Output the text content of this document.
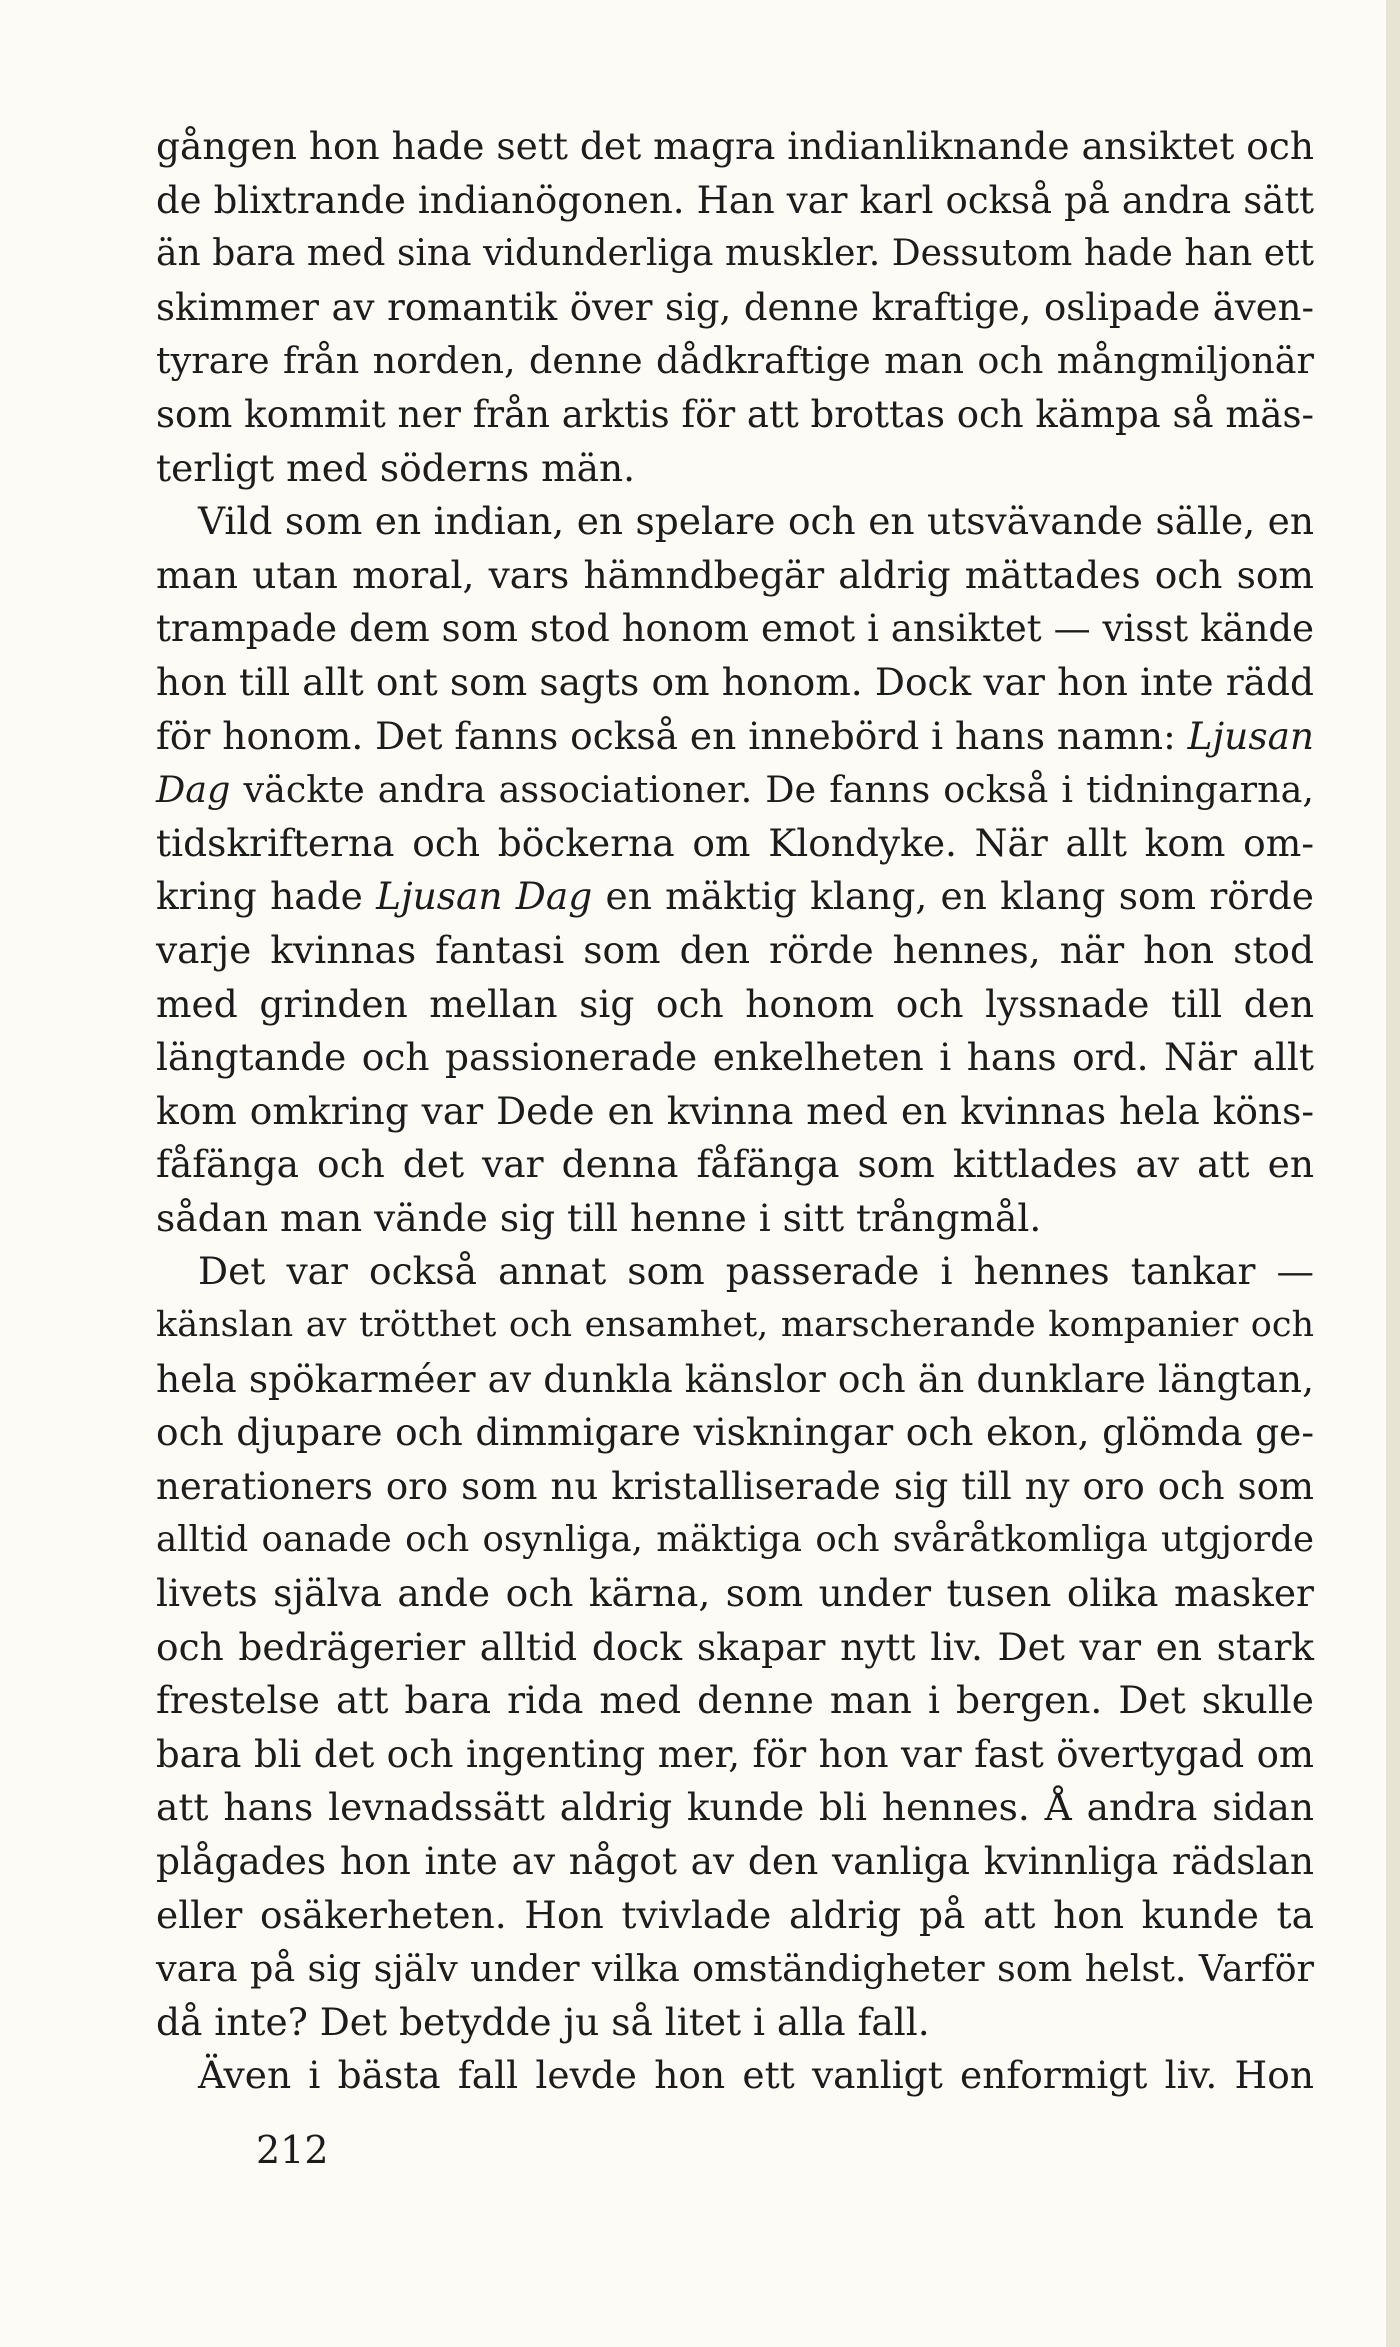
gången hon hade sett det magra indianliknande ansiktet och
de blixtrande indianögonen. Han var karl också på andra sätt
än bara med sina vidunderliga muskler. Dessutom hade han ett
skimmer av romantik över sig, denne kraftige, oslipade även-
tyrare från norden, denne dådkraftige man och mångmiljonär
som kommit ner från arktis för att brottas och kämpa så mäs-
terligt med söderns män.
Vild som en indian, en spelare och en utsvävande sälle, en
man utan moral, vars hämndbegär aldrig mättades och som
trampade dem som stod honom emot i ansiktet — visst kände
hon till allt ont som sagts om honom. Dock var hon inte rädd
för honom. Det fanns också en innebörd i hans namn: Ljusan
Dag väckte andra associationer. De fanns också i tidningarna,
tidskrifterna och böckerna om Klondyke. När allt kom om-
kring hade Ljusan Dag en mäktig klang, en klang som rörde
varje kvinnas fantasi som den rörde hennes, när hon stod
med grinden mellan sig och honom och lyssnade till den
längtande och passionerade enkelheten i hans ord. När allt
kom omkring var Dede en kvinna med en kvinnas hela köns-
fåfänga och det var denna fåfänga som kittlades av att en
sådan man vände sig till henne i sitt trångmål.
Det var också annat som passerade i hennes tankar —
känslan av trötthet och ensamhet, marscherande kompanier och
hela spökarméer av dunkla känslor och än dunklare längtan,
och djupare och dimmigare viskningar och ekon, glömda ge-
nerationers oro som nu kristalliserade sig till ny oro och som
alltid oanade och osynliga, mäktiga och svåråtkomliga utgjorde
livets själva ande och kärna, som under tusen olika masker
och bedrägerier alltid dock skapar nytt liv. Det var en stark
frestelse att bara rida med denne man i bergen. Det skulle
bara bli det och ingenting mer, för hon var fast övertygad om
att hans levnadssätt aldrig kunde bli hennes. Å andra sidan
plågades hon inte av något av den vanliga kvinnliga rädslan
eller osäkerheten. Hon tvivlade aldrig på att hon kunde ta
vara på sig själv under vilka omständigheter som helst. Varför
då inte? Det betydde ju så litet i alla fall.
Även i bästa fall levde hon ett vanligt enformigt liv. Hon
212
